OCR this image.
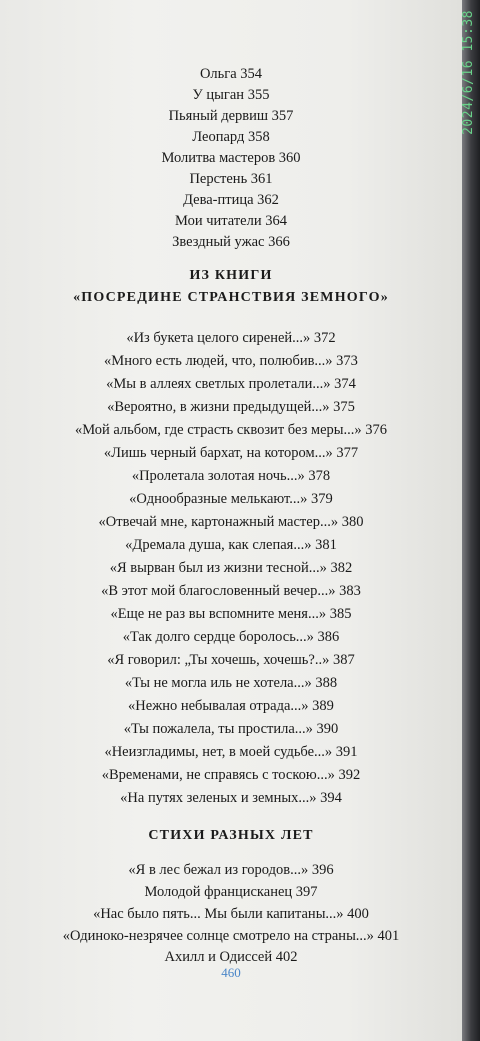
Ольга 354
У цыган 355
Пьяный дервиш 357
Леопард 358
Молитва мастеров 360
Перстень 361
Дева-птица 362
Мои читатели 364
Звездный ужас 366
ИЗ КНИГИ
«ПОСРЕДИНЕ СТРАНСТВИЯ ЗЕМНОГО»
«Из букета целого сиреней...» 372
«Много есть людей, что, полюбив...» 373
«Мы в аллеях светлых пролетали...» 374
«Вероятно, в жизни предыдущей...» 375
«Мой альбом, где страсть сквозит без меры...» 376
«Лишь черный бархат, на котором...» 377
«Пролетала золотая ночь...» 378
«Однообразные мелькают...» 379
«Отвечай мне, картонажный мастер...» 380
«Дремала душа, как слепая...» 381
«Я вырван был из жизни тесной...» 382
«В этот мой благословенный вечер...» 383
«Еще не раз вы вспомните меня...» 385
«Так долго сердце боролось...» 386
«Я говорил: „Ты хочешь, хочешь?..» 387
«Ты не могла иль не хотела...» 388
«Нежно небывалая отрада...» 389
«Ты пожалела, ты простила...» 390
«Неизгладимы, нет, в моей судьбе...» 391
«Временами, не справясь с тоскою...» 392
«На путях зеленых и земных...» 394
СТИХИ РАЗНЫХ ЛЕТ
«Я в лес бежал из городов...» 396
Молодой францисканец 397
«Нас было пять... Мы были капитаны...» 400
«Одиноко-незрячее солнце смотрело на страны...» 401
460
Ахилл и Одиссей 402
2024/6/16 15:38
